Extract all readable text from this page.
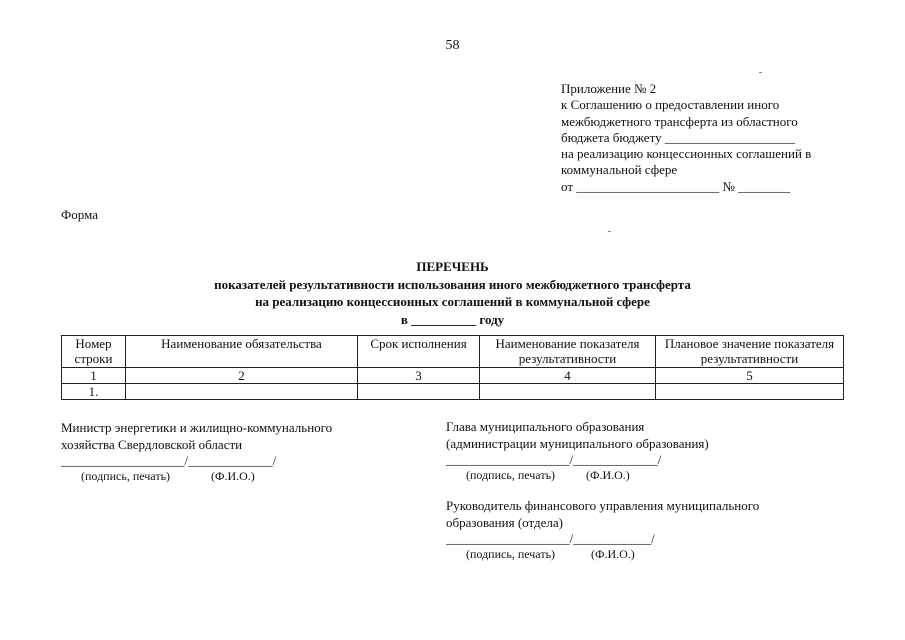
58
Приложение № 2
к Соглашению о предоставлении иного
межбюджетного трансферта из областного
бюджета бюджету ____________________
на реализацию концессионных соглашений в
коммунальной сфере
от ______________________ № ________
Форма
ПЕРЕЧЕНЬ
показателей результативности использования иного межбюджетного трансферта
на реализацию концессионных соглашений в коммунальной сфере
в __________ году
Номер строки	Наименование обязательства	Срок исполнения	Наименование показателя результативности	Плановое значение показателя результативности
1	2	3	4	5
1.				
Министр энергетики и жилищно-коммунального
хозяйства Свердловской области
___________________/_____________/
(подпись, печать)	(Ф.И.О.)
Глава муниципального образования
(администрации муниципального образования)
___________________/_____________/
(подпись, печать)	(Ф.И.О.)
Руководитель финансового управления муниципального
образования (отдела)
___________________/____________/
(подпись, печать)	(Ф.И.О.)
